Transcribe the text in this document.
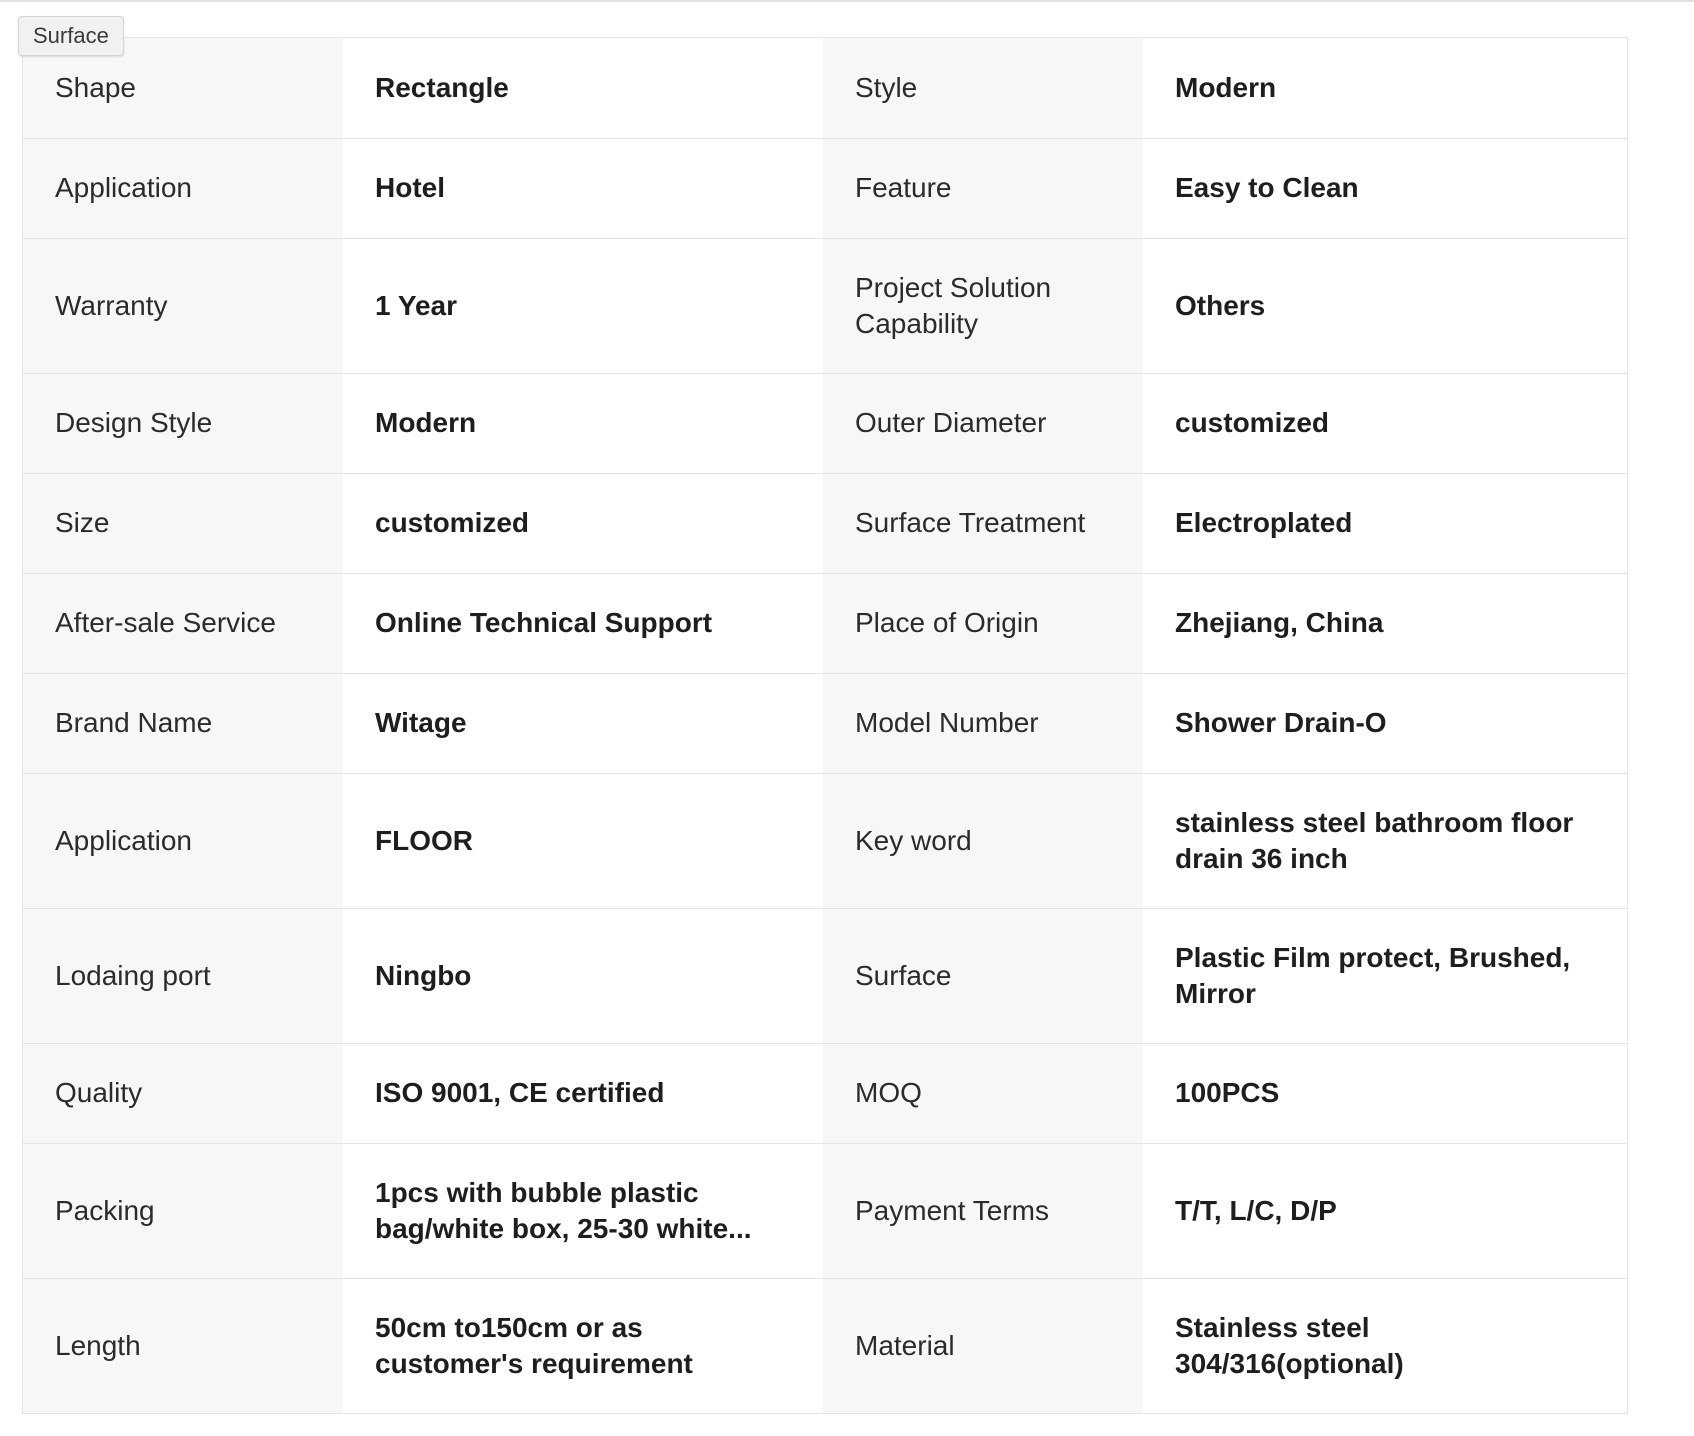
Surface
Shape	Rectangle	Style	Modern
Application	Hotel	Feature	Easy to Clean
Warranty	1 Year	Project Solution Capability	Others
Design Style	Modern	Outer Diameter	customized
Size	customized	Surface Treatment	Electroplated
After-sale Service	Online Technical Support	Place of Origin	Zhejiang, China
Brand Name	Witage	Model Number	Shower Drain-O
Application	FLOOR	Key word	stainless steel bathroom floor drain 36 inch
Lodaing port	Ningbo	Surface	Plastic Film protect, Brushed, Mirror
Quality	ISO 9001, CE certified	MOQ	100PCS
Packing	1pcs with bubble plastic bag/white box, 25-30 white...	Payment Terms	T/T, L/C, D/P
Length	50cm to150cm or as customer's requirement	Material	Stainless steel 304/316(optional)
